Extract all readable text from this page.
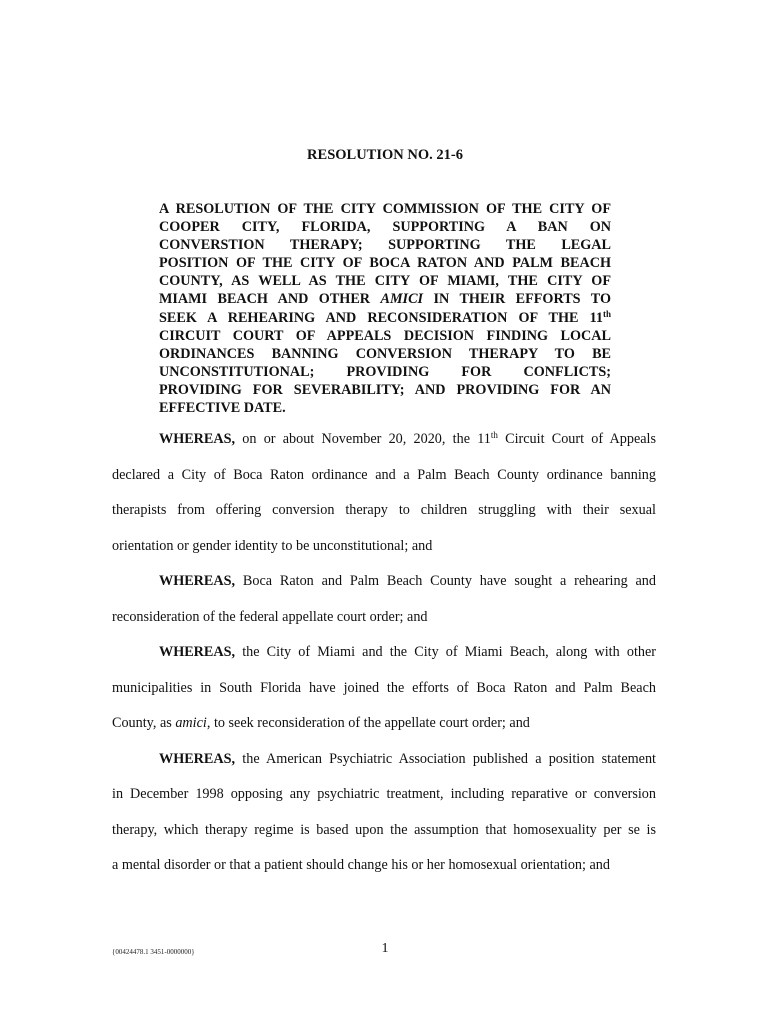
RESOLUTION NO. 21-6
A RESOLUTION OF THE CITY COMMISSION OF THE CITY OF
COOPER CITY, FLORIDA, SUPPORTING A BAN ON
CONVERSTION THERAPY; SUPPORTING THE LEGAL
POSITION OF THE CITY OF BOCA RATON AND PALM BEACH
COUNTY, AS WELL AS THE CITY OF MIAMI, THE CITY OF
MIAMI BEACH AND OTHER AMICI IN THEIR EFFORTS TO
SEEK A REHEARING AND RECONSIDERATION OF THE 11th
CIRCUIT COURT OF APPEALS DECISION FINDING LOCAL
ORDINANCES BANNING CONVERSION THERAPY TO BE
UNCONSTITUTIONAL; PROVIDING FOR CONFLICTS;
PROVIDING FOR SEVERABILITY; AND PROVIDING FOR AN
EFFECTIVE DATE.
WHEREAS, on or about November 20, 2020, the 11th Circuit Court of Appeals
declared a City of Boca Raton ordinance and a Palm Beach County ordinance banning
therapists from offering conversion therapy to children struggling with their sexual
orientation or gender identity to be unconstitutional; and
WHEREAS, Boca Raton and Palm Beach County have sought a rehearing and
reconsideration of the federal appellate court order; and
WHEREAS, the City of Miami and the City of Miami Beach, along with other
municipalities in South Florida have joined the efforts of Boca Raton and Palm Beach
County, as amici, to seek reconsideration of the appellate court order; and
WHEREAS, the American Psychiatric Association published a position statement
in December 1998 opposing any psychiatric treatment, including reparative or conversion
therapy, which therapy regime is based upon the assumption that homosexuality per se is
a mental disorder or that a patient should change his or her homosexual orientation; and
{00424478.1 3451-0000000}	1
